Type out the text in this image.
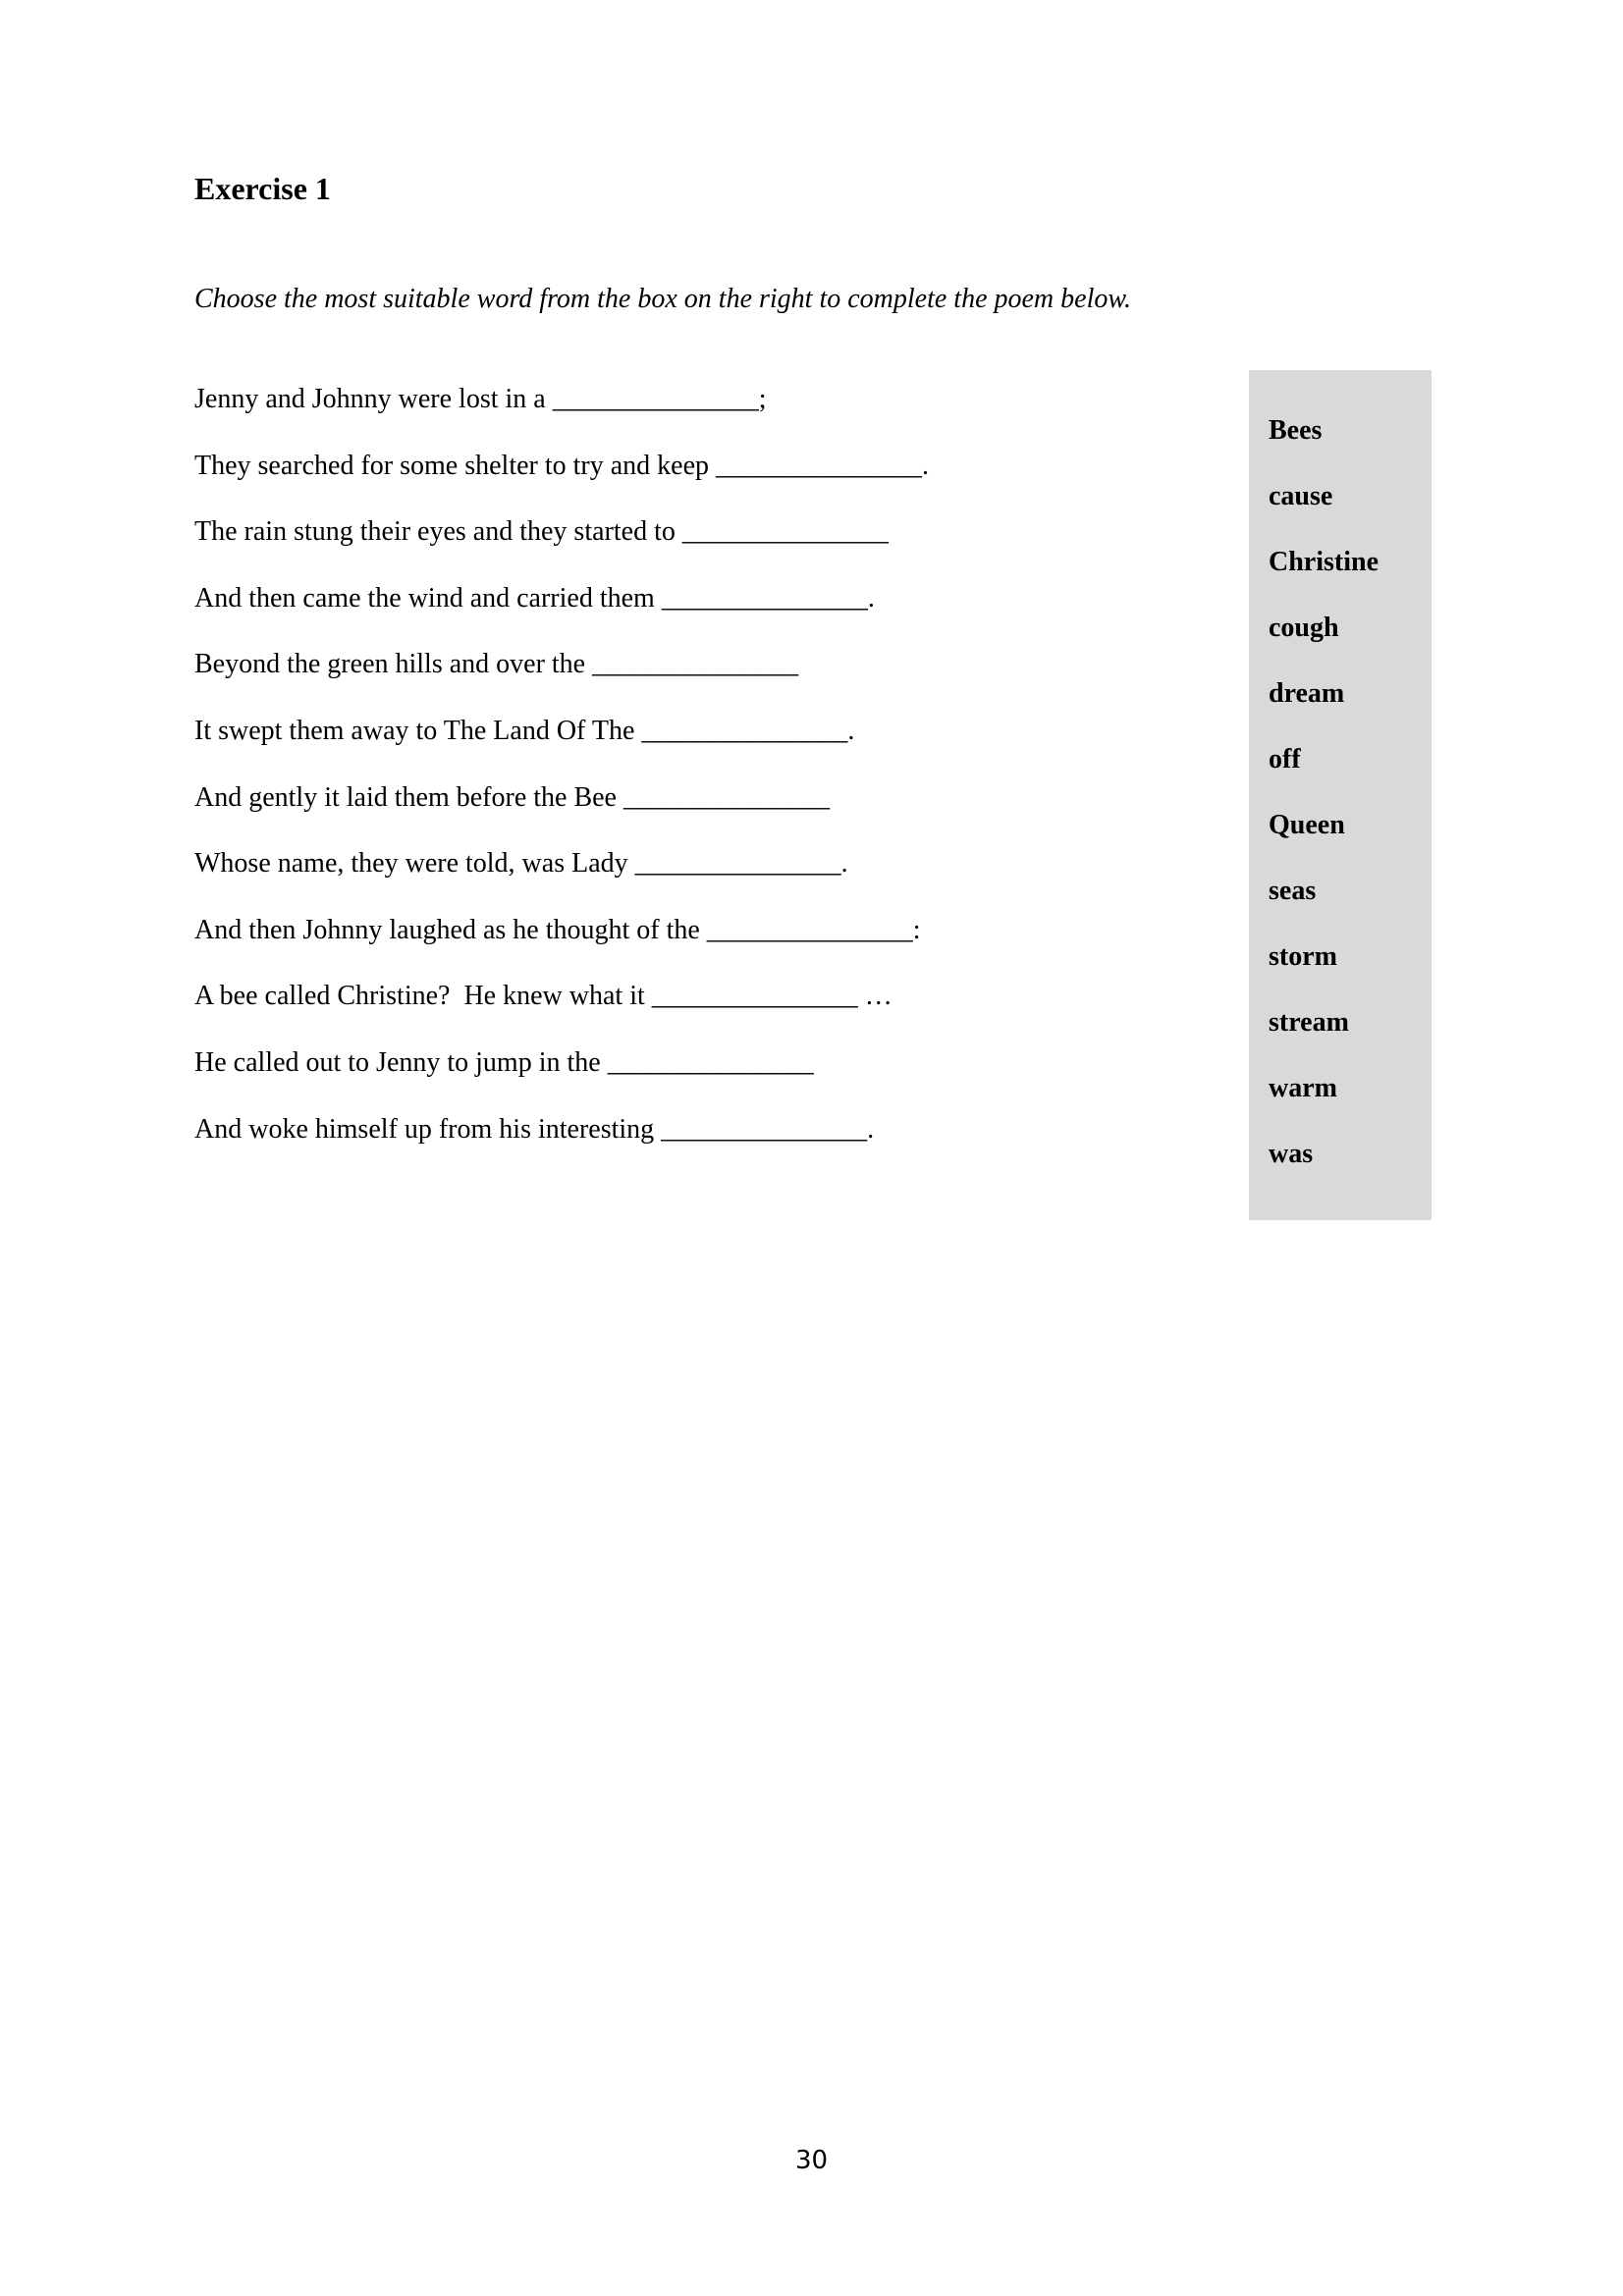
Exercise 1
Choose the most suitable word from the box on the right to complete the poem below.
Jenny and Johnny were lost in a _______________;
They searched for some shelter to try and keep _______________.
The rain stung their eyes and they started to _______________
And then came the wind and carried them _______________.
Beyond the green hills and over the _______________
It swept them away to The Land Of The _______________.
And gently it laid them before the Bee _______________
Whose name, they were told, was Lady _______________.
And then Johnny laughed as he thought of the _______________:
A bee called Christine?  He knew what it _______________ …
He called out to Jenny to jump in the _______________
And woke himself up from his interesting _______________.
Bees
cause
Christine
cough
dream
off
Queen
seas
storm
stream
warm
was
30
